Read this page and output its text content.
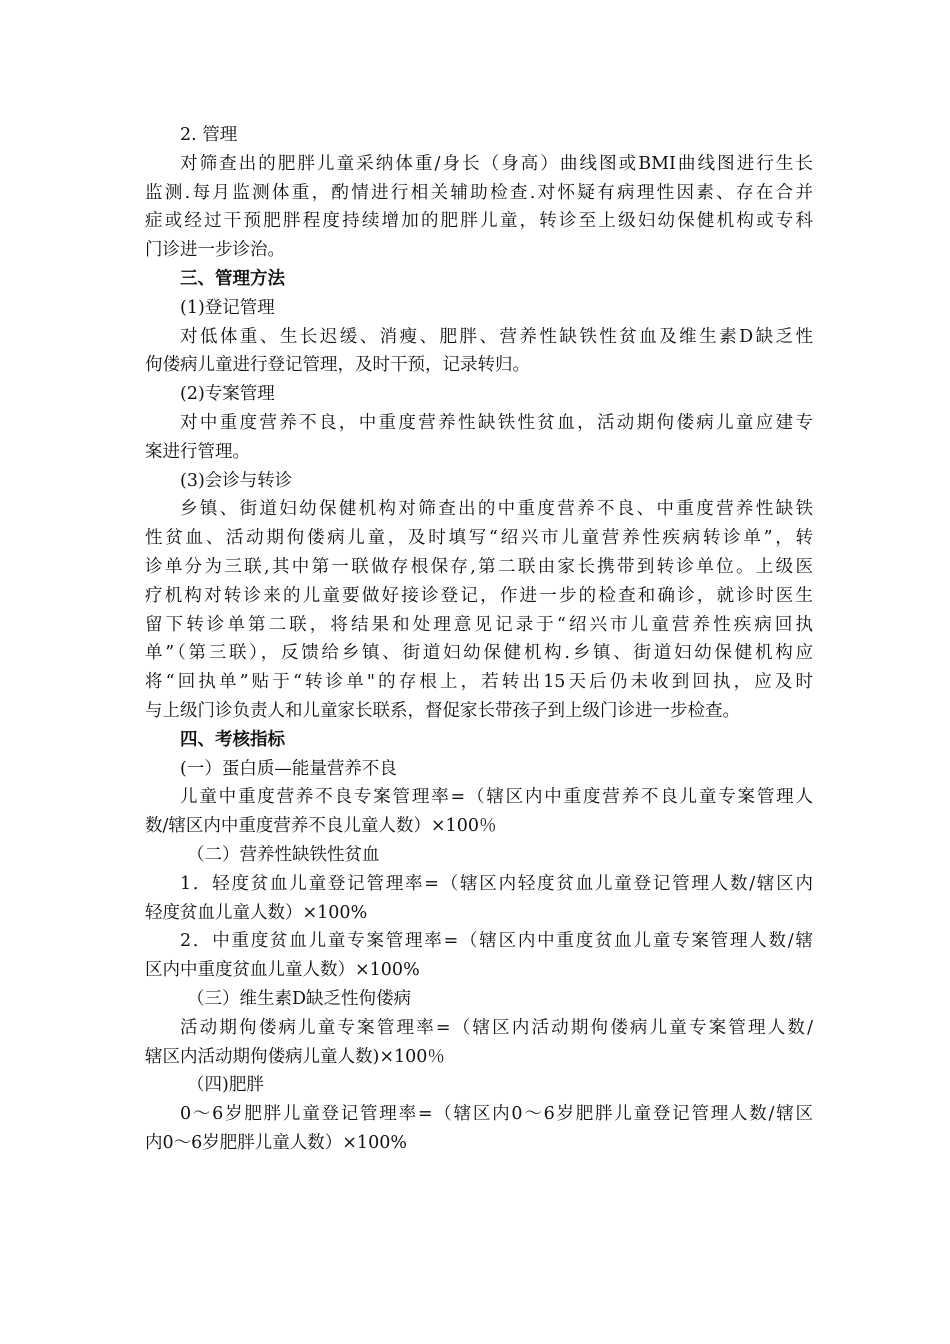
2. 管理
对筛查出的肥胖儿童采纳体重/身长（身高）曲线图或BMI曲线图进行生长
监测.每月监测体重，酌情进行相关辅助检查.对怀疑有病理性因素、存在合并
症或经过干预肥胖程度持续增加的肥胖儿童，转诊至上级妇幼保健机构或专科
门诊进一步诊治。
三、管理方法
(1)登记管理
对低体重、生长迟缓、消瘦、肥胖、营养性缺铁性贫血及维生素D缺乏性
佝偻病儿童进行登记管理，及时干预，记录转归。
(2)专案管理
对中重度营养不良，中重度营养性缺铁性贫血，活动期佝偻病儿童应建专
案进行管理。
(3)会诊与转诊
乡镇、街道妇幼保健机构对筛查出的中重度营养不良、中重度营养性缺铁
性贫血、活动期佝偻病儿童，及时填写“绍兴市儿童营养性疾病转诊单”，转
诊单分为三联,其中第一联做存根保存,第二联由家长携带到转诊单位。上级医
疗机构对转诊来的儿童要做好接诊登记，作进一步的检查和确诊，就诊时医生
留下转诊单第二联，将结果和处理意见记录于“绍兴市儿童营养性疾病回执
单”（第三联），反馈给乡镇、街道妇幼保健机构.乡镇、街道妇幼保健机构应
将“回执单”贴于“转诊单"的存根上，若转出15天后仍未收到回执，应及时
与上级门诊负责人和儿童家长联系，督促家长带孩子到上级门诊进一步检查。
四、考核指标
(一）蛋白质—能量营养不良
儿童中重度营养不良专案管理率=（辖区内中重度营养不良儿童专案管理人
数/辖区内中重度营养不良儿童人数）×100％
（二）营养性缺铁性贫血
1．轻度贫血儿童登记管理率=（辖区内轻度贫血儿童登记管理人数/辖区内
轻度贫血儿童人数）×100%
2．中重度贫血儿童专案管理率=（辖区内中重度贫血儿童专案管理人数/辖
区内中重度贫血儿童人数）×100%
（三）维生素D缺乏性佝偻病
活动期佝偻病儿童专案管理率=（辖区内活动期佝偻病儿童专案管理人数/
辖区内活动期佝偻病儿童人数)×100％
（四)肥胖
0～6岁肥胖儿童登记管理率=（辖区内0～6岁肥胖儿童登记管理人数/辖区
内0～6岁肥胖儿童人数）×100%
